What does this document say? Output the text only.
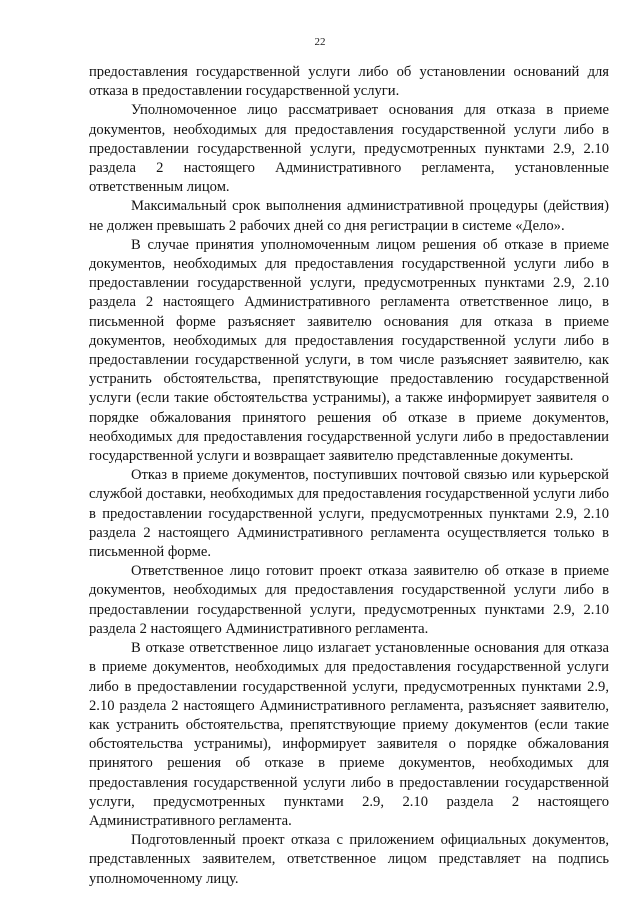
22

предоставления государственной услуги либо об установлении оснований для отказа в предоставлении государственной услуги.

Уполномоченное лицо рассматривает основания для отказа в приеме документов, необходимых для предоставления государственной услуги либо в предоставлении государственной услуги, предусмотренных пунктами 2.9, 2.10 раздела 2 настоящего Административного регламента, установленные ответственным лицом.

Максимальный срок выполнения административной процедуры (действия) не должен превышать 2 рабочих дней со дня регистрации в системе «Дело».

В случае принятия уполномоченным лицом решения об отказе в приеме документов, необходимых для предоставления государственной услуги либо в предоставлении государственной услуги, предусмотренных пунктами 2.9, 2.10 раздела 2 настоящего Административного регламента ответственное лицо, в письменной форме разъясняет заявителю основания для отказа в приеме документов, необходимых для предоставления государственной услуги либо в предоставлении государственной услуги, в том числе разъясняет заявителю, как устранить обстоятельства, препятствующие предоставлению государственной услуги (если такие обстоятельства устранимы), а также информирует заявителя о порядке обжалования принятого решения об отказе в приеме документов, необходимых для предоставления государственной услуги либо в предоставлении государственной услуги и возвращает заявителю представленные документы.

Отказ в приеме документов, поступивших почтовой связью или курьерской службой доставки, необходимых для предоставления государственной услуги либо в предоставлении государственной услуги, предусмотренных пунктами 2.9, 2.10 раздела 2 настоящего Административного регламента осуществляется только в письменной форме.

Ответственное лицо готовит проект отказа заявителю об отказе в приеме документов, необходимых для предоставления государственной услуги либо в предоставлении государственной услуги, предусмотренных пунктами 2.9, 2.10 раздела 2 настоящего Административного регламента.

В отказе ответственное лицо излагает установленные основания для отказа в приеме документов, необходимых для предоставления государственной услуги либо в предоставлении государственной услуги, предусмотренных пунктами 2.9, 2.10 раздела 2 настоящего Административного регламента, разъясняет заявителю, как устранить обстоятельства, препятствующие приему документов (если такие обстоятельства устранимы), информирует заявителя о порядке обжалования принятого решения об отказе в приеме документов, необходимых для предоставления государственной услуги либо в предоставлении государственной услуги, предусмотренных пунктами 2.9, 2.10 раздела 2 настоящего Административного регламента.

Подготовленный проект отказа с приложением официальных документов, представленных заявителем, ответственное лицом представляет на подпись уполномоченному лицу.
